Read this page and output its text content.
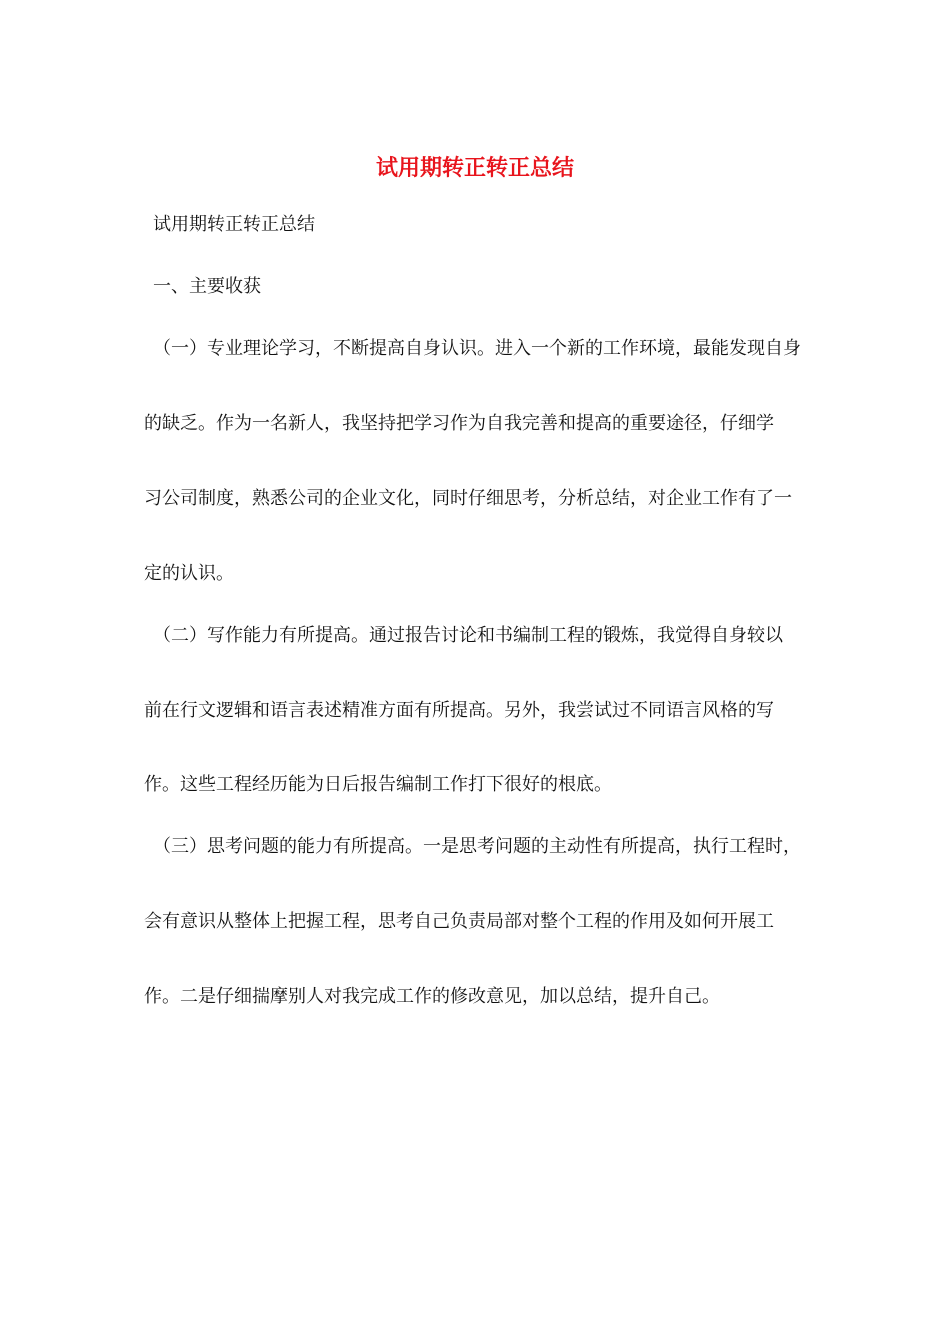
试用期转正转正总结
试用期转正转正总结
一、主要收获
（一）专业理论学习，不断提高自身认识。进入一个新的工作环境，最能发现自身
的缺乏。作为一名新人，我坚持把学习作为自我完善和提高的重要途径，仔细学
习公司制度，熟悉公司的企业文化，同时仔细思考，分析总结，对企业工作有了一
定的认识。
（二）写作能力有所提高。通过报告讨论和书编制工程的锻炼，我觉得自身较以
前在行文逻辑和语言表述精准方面有所提高。另外，我尝试过不同语言风格的写
作。这些工程经历能为日后报告编制工作打下很好的根底。
（三）思考问题的能力有所提高。一是思考问题的主动性有所提高，执行工程时，
会有意识从整体上把握工程，思考自己负责局部对整个工程的作用及如何开展工
作。二是仔细揣摩别人对我完成工作的修改意见，加以总结，提升自己。
